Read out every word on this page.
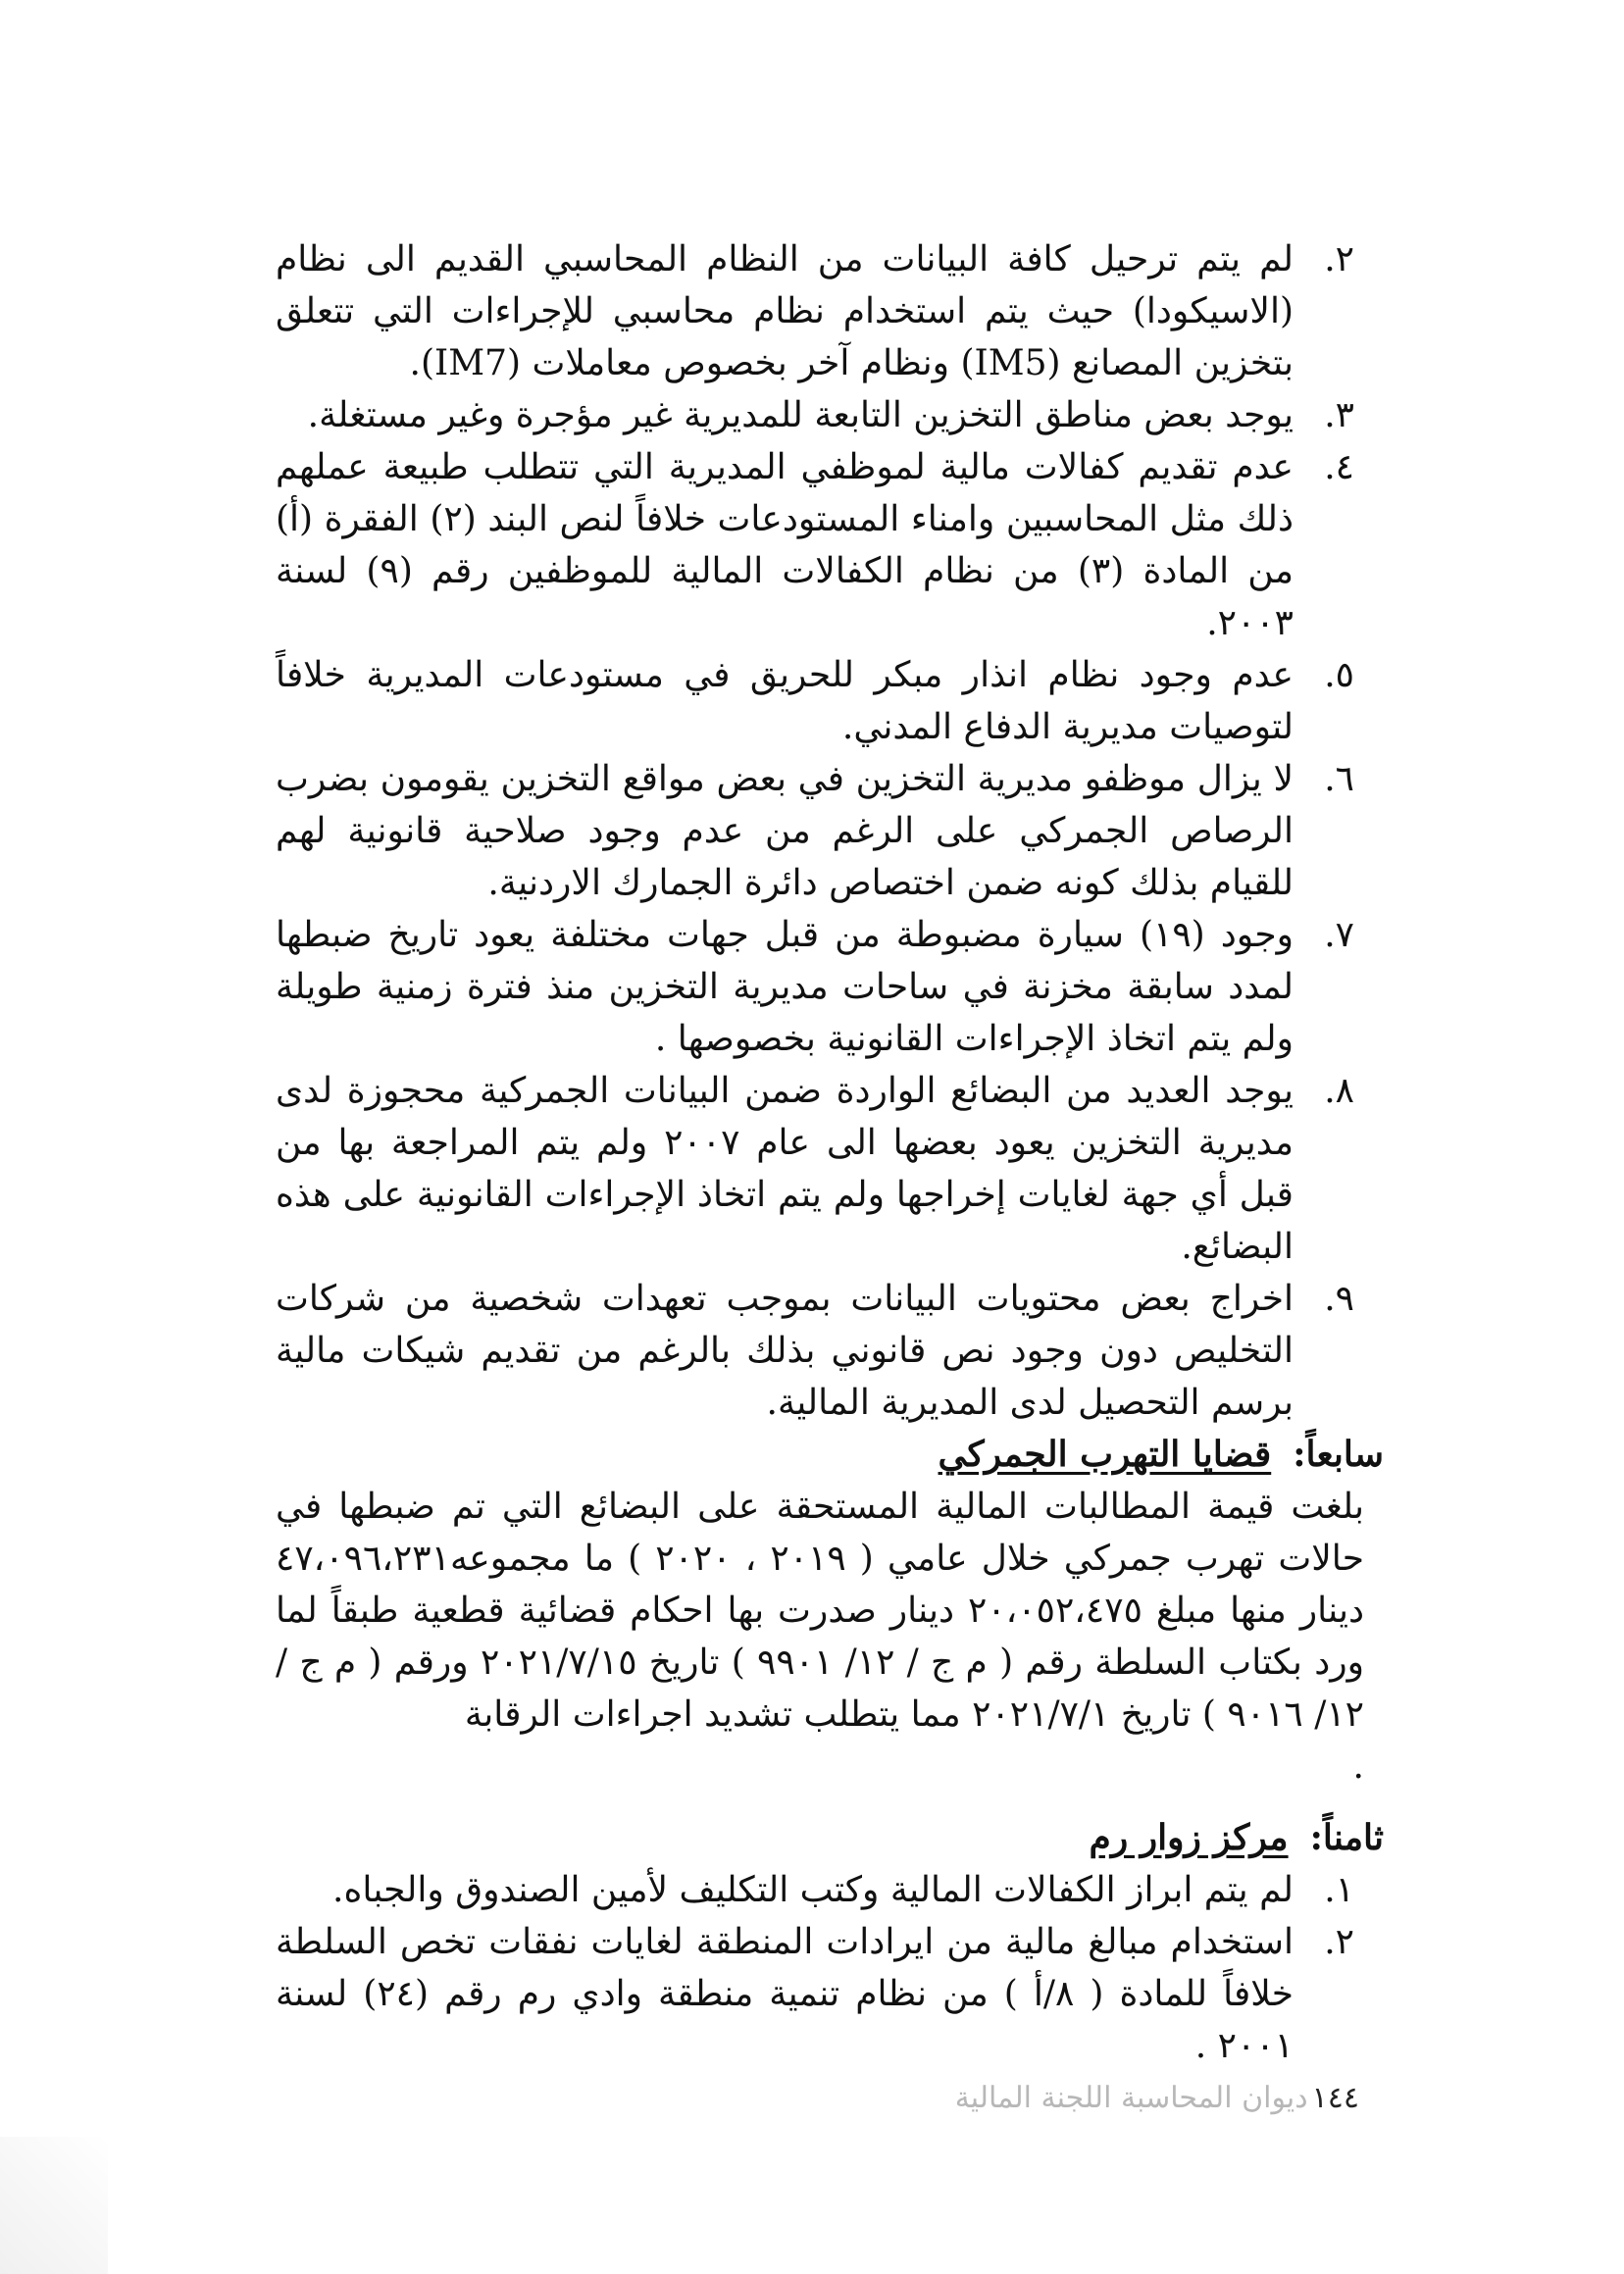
٢.
لم يتم ترحيل كافة البيانات من النظام المحاسبي القديم الى نظام (الاسيكودا) حيث يتم استخدام نظام محاسبي للإجراءات التي تتعلق بتخزين المصانع (IM5) ونظام آخر بخصوص معاملات (IM7).
٣.
يوجد بعض مناطق التخزين التابعة للمديرية غير مؤجرة وغير مستغلة.
٤.
عدم تقديم كفالات مالية لموظفي المديرية التي تتطلب طبيعة عملهم ذلك مثل المحاسبين وامناء المستودعات خلافاً لنص البند (٢) الفقرة (أ) من المادة (٣) من نظام الكفالات المالية للموظفين رقم (٩) لسنة ٢٠٠٣.
٥.
عدم وجود نظام انذار مبكر للحريق في مستودعات المديرية خلافاً لتوصيات مديرية الدفاع المدني.
٦.
لا يزال موظفو مديرية التخزين في بعض مواقع التخزين يقومون بضرب الرصاص الجمركي على الرغم من عدم وجود صلاحية قانونية لهم للقيام بذلك كونه ضمن اختصاص دائرة الجمارك الاردنية.
٧.
وجود (١٩) سيارة مضبوطة من قبل جهات مختلفة يعود تاريخ ضبطها لمدد سابقة مخزنة في ساحات مديرية التخزين منذ فترة زمنية طويلة ولم يتم اتخاذ الإجراءات القانونية بخصوصها .
٨.
يوجد العديد من البضائع الواردة ضمن البيانات الجمركية محجوزة لدى مديرية التخزين يعود بعضها الى عام ٢٠٠٧ ولم يتم المراجعة بها من قبل أي جهة لغايات إخراجها ولم يتم اتخاذ الإجراءات القانونية على هذه البضائع.
٩.
اخراج بعض محتويات البيانات بموجب تعهدات شخصية من شركات التخليص دون وجود نص قانوني بذلك بالرغم من تقديم شيكات مالية برسم التحصيل لدى المديرية المالية.
سابعاً:
قضايا التهرب الجمركي
بلغت قيمة المطالبات المالية المستحقة على البضائع التي تم ضبطها في حالات تهرب جمركي خلال عامي ( ٢٠١٩ ، ٢٠٢٠ ) ما مجموعه٤٧،٠٩٦،٢٣١ دينار منها مبلغ ٢٠،٠٥٢،٤٧٥ دينار صدرت بها احكام قضائية قطعية طبقاً لما ورد بكتاب السلطة رقم ( م ج / ١٢/ ٩٩٠١ ) تاريخ ٢٠٢١/٧/١٥ ورقم ( م ج / ١٢/ ٩٠١٦ ) تاريخ ٢٠٢١/٧/١ مما يتطلب تشديد اجراءات الرقابة
.
ثامناً:
مركز زوار رم
١.
لم يتم ابراز الكفالات المالية وكتب التكليف لأمين الصندوق والجباه.
٢.
استخدام مبالغ مالية من ايرادات المنطقة لغايات نفقات تخص السلطة خلافاً للمادة ( ٨/أ ) من نظام تنمية منطقة وادي رم رقم (٢٤) لسنة ٢٠٠١ .
١٤٤ديوان المحاسبة اللجنة المالية
